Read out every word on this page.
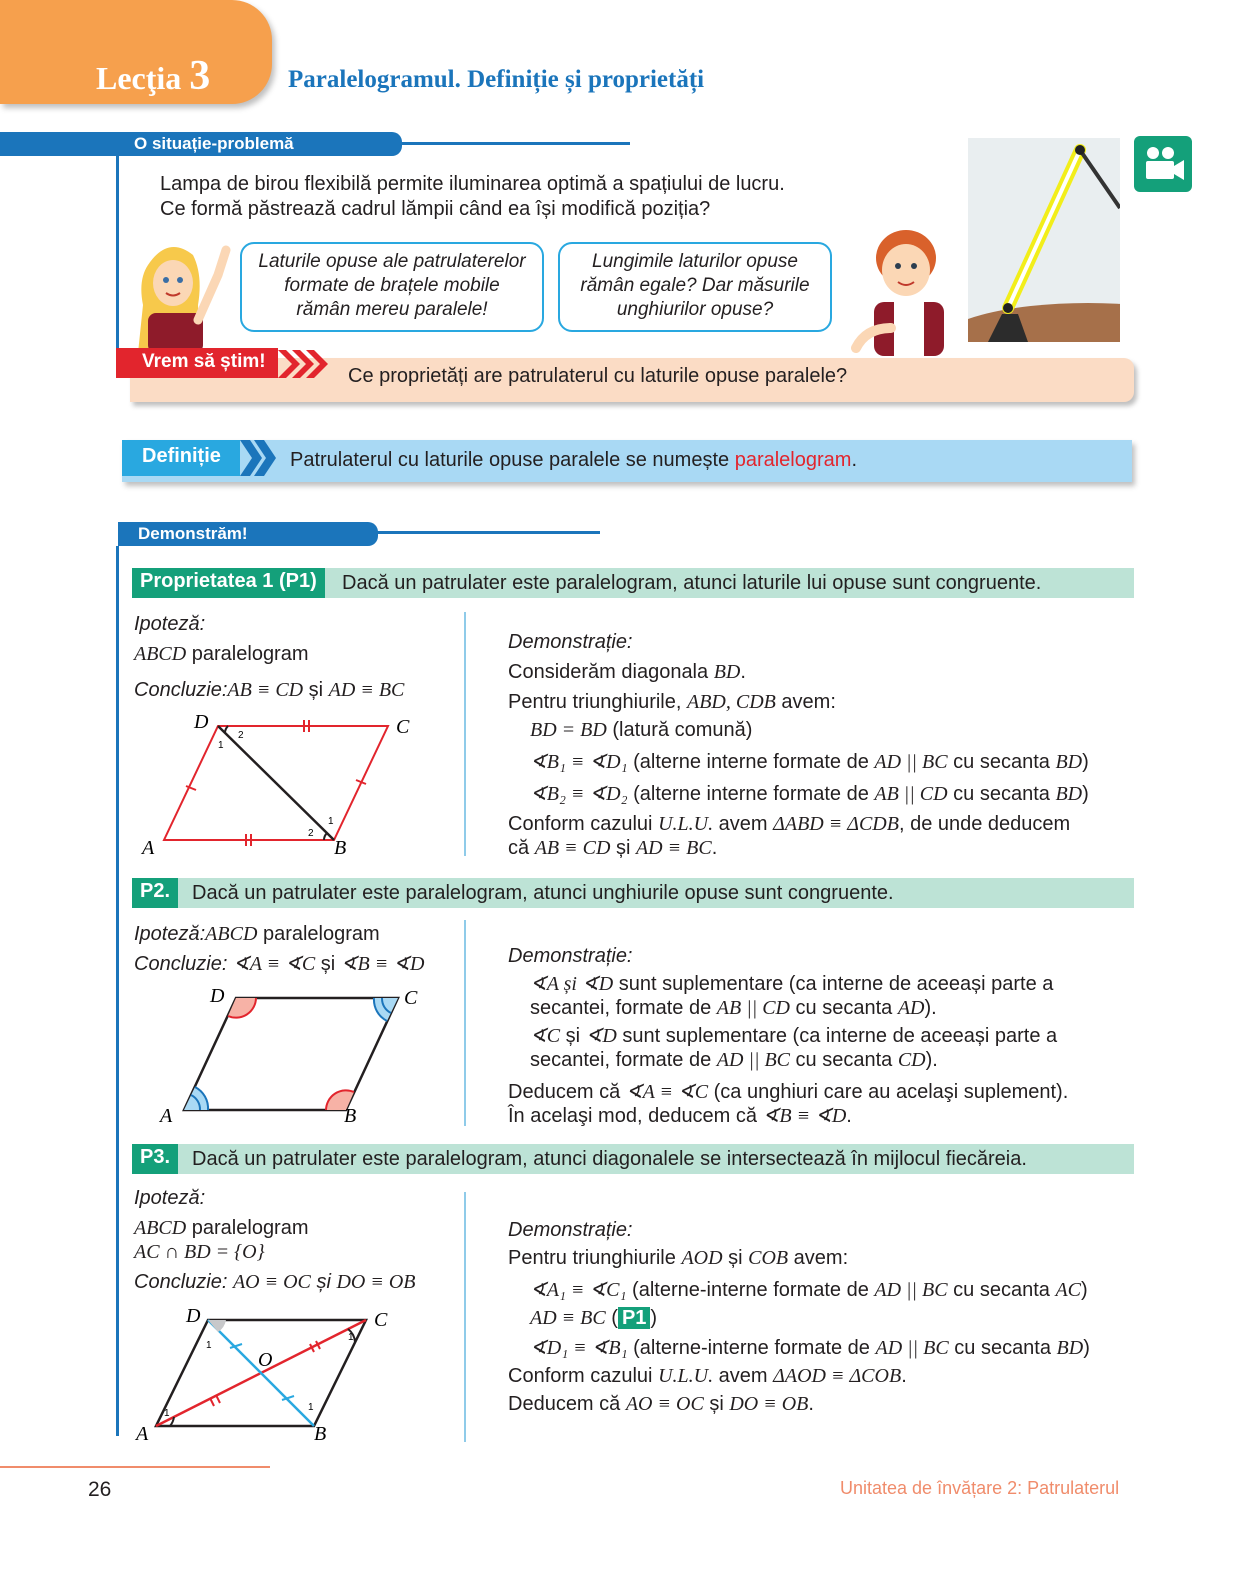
Lecţia 3	Paralelogramul. Definiție și proprietăți
O situație-problemă
Lampa de birou flexibilă permite iluminarea optimă a spațiului de lucru.
Ce formă păstrează cadrul lămpii când ea își modifică poziția?
Laturile opuse ale patrulaterelor
formate de brațele mobile
rămân mereu paralele!
Lungimile laturilor opuse
rămân egale? Dar măsurile
unghiurilor opuse?
Vrem să știm!
Ce proprietăți are patrulaterul cu laturile opuse paralele?
Definiție	Patrulaterul cu laturile opuse paralele se numește paralelogram.
Demonstrăm!
Proprietatea 1 (P1)	Dacă un patrulater este paralelogram, atunci laturile lui opuse sunt congruente.
Ipoteză:
ABCD paralelogram
Concluzie:AB ≡ CD și AD ≡ BC
D	C
A	B
1
2
1
2
Demonstrație:
Considerăm diagonala BD.
Pentru triunghiurile, ABD, CDB avem:
BD = BD (latură comună)
∢B₁ ≡ ∢D₁ (alterne interne formate de AD || BC cu secanta BD)
∢B₂ ≡ ∢D₂ (alterne interne formate de AB || CD cu secanta BD)
Conform cazului U.L.U. avem ΔABD ≡ ΔCDB, de unde deducem
că AB ≡ CD și AD ≡ BC.
P2.	Dacă un patrulater este paralelogram, atunci unghiurile opuse sunt congruente.
Ipoteză:ABCD paralelogram
Concluzie: ∢A ≡ ∢C și ∢B ≡ ∢D
D	C
A	B
Demonstrație:
∢A și ∢D sunt suplementare (ca interne de aceeași parte a
secantei, formate de AB || CD cu secanta AD).
∢C și ∢D sunt suplementare (ca interne de aceeași parte a
secantei, formate de AD || BC cu secanta CD).
Deducem că ∢A ≡ ∢C (ca unghiuri care au acelaşi suplement).
În acelaşi mod, deducem că ∢B ≡ ∢D.
P3.	Dacă un patrulater este paralelogram, atunci diagonalele se intersectează în mijlocul fiecăreia.
Ipoteză:
ABCD paralelogram
AC ∩ BD = {O}
Concluzie: AO ≡ OC și DO ≡ OB
D	C
A	B
O
1
1
1
1
Demonstrație:
Pentru triunghiurile AOD și COB avem:
∢A₁ ≡ ∢C₁ (alterne-interne formate de AD || BC cu secanta AC)
AD ≡ BC ( P1 )
∢D₁ ≡ ∢B₁ (alterne-interne formate de AD || BC cu secanta BD)
Conform cazului U.L.U. avem ΔAOD ≡ ΔCOB.
Deducem că AO ≡ OC și DO ≡ OB.
26	Unitatea de învățare 2: Patrulaterul
